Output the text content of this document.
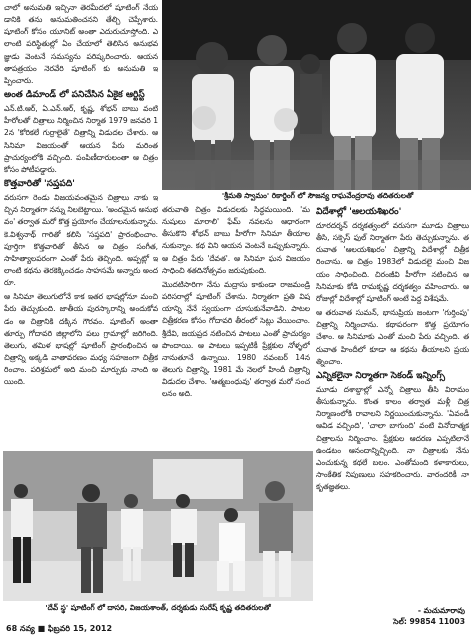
'శ్రీమతి స్వామం' రికార్డింగ్ లో సౌజన్య రాఘవేంద్రరావు తదితరులతో

చాలో అనుమతి ఇచ్చినా తెరమీదలో షూటింగ్ నేయడానికి తను అనుమతించనని తేల్చి చెప్పేశారు. షూటింగ్ కోసం యూనిట్ అంతా ఎదురుచూస్తోంది. ఎలాంటి పరిస్థితుల్లో ఏం చేయాలో తెలిసిన అనుభవజ్ఞుడు వెంటనే సమస్యను పరిష్కరించారు. ఆయన తాపత్రయం నెరవేరి షూటింగ్ కు అనుమతి ఇప్పించారు.

అంత డిమాండ్ లో పనిచేసిన ఏకైక ఆర్టిస్ట్

ఎన్.టి.ఆర్, ఏ.ఎన్.ఆర్, కృష్ణ, శోభన్ బాబు వంటి హీరోలతో చిత్రాలు నిర్మించిన నిర్మాత 1979 జనవరి 12న 'కోరికలే గుర్రాలైతే' చిత్రాన్ని విడుదల చేశారు. ఆ సినిమా విజయంతో ఆయన పేరు మరింత ప్రాచుర్యంలోకి వచ్చింది. పంపిణీదారులంతా ఆ చిత్రం కోసం పోటీపడ్డారు.

కొత్తవారితో 'సప్తపది'

వరుసగా రెండు విజయవంతమైన చిత్రాలు నాకు ఇచ్చిన నిర్మాతగా నన్ను నిలబెట్టాయి. 'అందమైన అనుభవం' తర్వాత మరో కొత్త ప్రయోగం చేయాలనుకున్నాను. కె.విశ్వనాథ్ గారితో కలిసి 'సప్తపది' ప్రారంభించాం. పూర్తిగా కొత్తవారితో తీసిన ఆ చిత్రం సంగీత, సాహిత్యాలపరంగా ఎంతో పేరు తెచ్చింది. అప్పట్లో ఇలాంటి కథను తెరకెక్కించడం సాహసమే అన్నారు అందరూ.

ఆ సినిమా తెలుగులోనే కాక ఇతర భాషల్లోనూ మంచి పేరు తెచ్చుకుంది. జాతీయ పురస్కారాన్ని అందుకోవడం ఆ చిత్రానికి దక్కిన గౌరవం. షూటింగ్ అంతా తూర్పు గోదావరి జిల్లాలోని పలు గ్రామాల్లో జరిగింది. తెలుగు, తమిళ భాషల్లో షూటింగ్ ప్రారంభించిన ఆ చిత్రాన్ని అక్కడి వాతావరణం మధ్య సహజంగా చిత్రీకరించాం. పరిశ్రమలో అది మంచి మార్పుకు నాంది అయింది.

తరువాతి చిత్రం విడుదలకు సిద్ధమయింది. 'మనుషులు మారాలి' ఫేమ్ నవలను ఆధారంగా తీసుకొని శోభన్ బాబు హీరోగా సినిమా తీయాలనుకున్నాం. కథ విని ఆయన వెంటనే ఒప్పుకున్నారు. ఆ చిత్రం పేరు 'దేవత'. ఆ సినిమా ఘన విజయం సాధించి శతదినోత్సవం జరుపుకుంది.

మొదటిసారిగా నేను మద్రాసు కాకుండా రాజమండ్రి పరిసరాల్లో షూటింగ్ చేశాను. నిర్మాతగా ప్రతి విషయాన్ని నేనే స్వయంగా చూసుకునేవాడిని. పాటల చిత్రీకరణ కోసం గోదావరి తీరంలో సెట్లు వేయించాం. శ్రీదేవి, జయప్రద నటించిన పాటలు ఎంతో ప్రాచుర్యం పొందాయి. ఆ పాటలు ఇప్పటికీ ప్రేక్షకుల నోళ్ళలో నానుతూనే ఉన్నాయి. 1980 నవంబర్ 14న తెలుగు చిత్రాన్ని, 1981 మే నెలలో హిందీ చిత్రాన్ని విడుదల చేశాం. 'ఆత్మబంధువు' తర్వాత మరో సంచలనం అది.

'దేవ్ స్థ' షూటింగ్ లో దాసరి, విజయశాంత్, దర్శకుడు సురేష్ కృష్ణ తదితరులతో
విదేశాల్లో 'ఆలయశిఖరం'

దూరదర్శన్ దర్శకత్వంలో వరుసగా మూడు చిత్రాలు తీసి, సక్సెస్ ఫుల్ నిర్మాతగా పేరు తెచ్చుకున్నాను. తరువాత 'ఆలయశిఖరం' చిత్రాన్ని విదేశాల్లో చిత్రీకరించాను. ఆ చిత్రం 1983లో విడుదలై మంచి విజయం సాధించింది. చిరంజీవి హీరోగా నటించిన ఆ సినిమాకు కోడి రామకృష్ణ దర్శకత్వం వహించారు. ఆ రోజుల్లో విదేశాల్లో షూటింగ్ అంటే పెద్ద విశేషమే.

ఆ తరువాత సుమన్, భానుప్రియ జంటగా 'గుర్తింపు' చిత్రాన్ని నిర్మించాను. కథాపరంగా కొత్త ప్రయోగం చేశాం. ఆ సినిమాకు ఎంతో మంచి పేరు వచ్చింది. తరువాత హిందీలో కూడా ఆ కథను తీయాలని ప్రయత్నించాం.

ఎన్నికలైనా నిర్మాతగా సెకండ్ ఇన్నింగ్స్

మూడు దశాబ్దాల్లో ఎన్నో చిత్రాలు తీసి విరామం తీసుకున్నాను. కొంత కాలం తర్వాత మళ్లీ చిత్ర నిర్మాణంలోకి రావాలని నిర్ణయించుకున్నాను. 'ఏవండీ ఆవిడ వచ్చింది', 'చాలా బాగుంది' వంటి వినోదాత్మక చిత్రాలను నిర్మించాం. ప్రేక్షకుల ఆదరణ ఎప్పటిలానే ఉండటం ఆనందాన్నిచ్చింది. నా చిత్రాలకు నేను ఎంచుకున్న కథలే బలం. ఎంతోమంది కళాకారులు, సాంకేతిక నిపుణులు సహకరించారు. వారందరికీ నా కృతజ్ఞతలు.

- మచుమారావు
సెల్: 99854 11003
68 నవ్య ■ ఫిబ్రవరి 15, 2012
